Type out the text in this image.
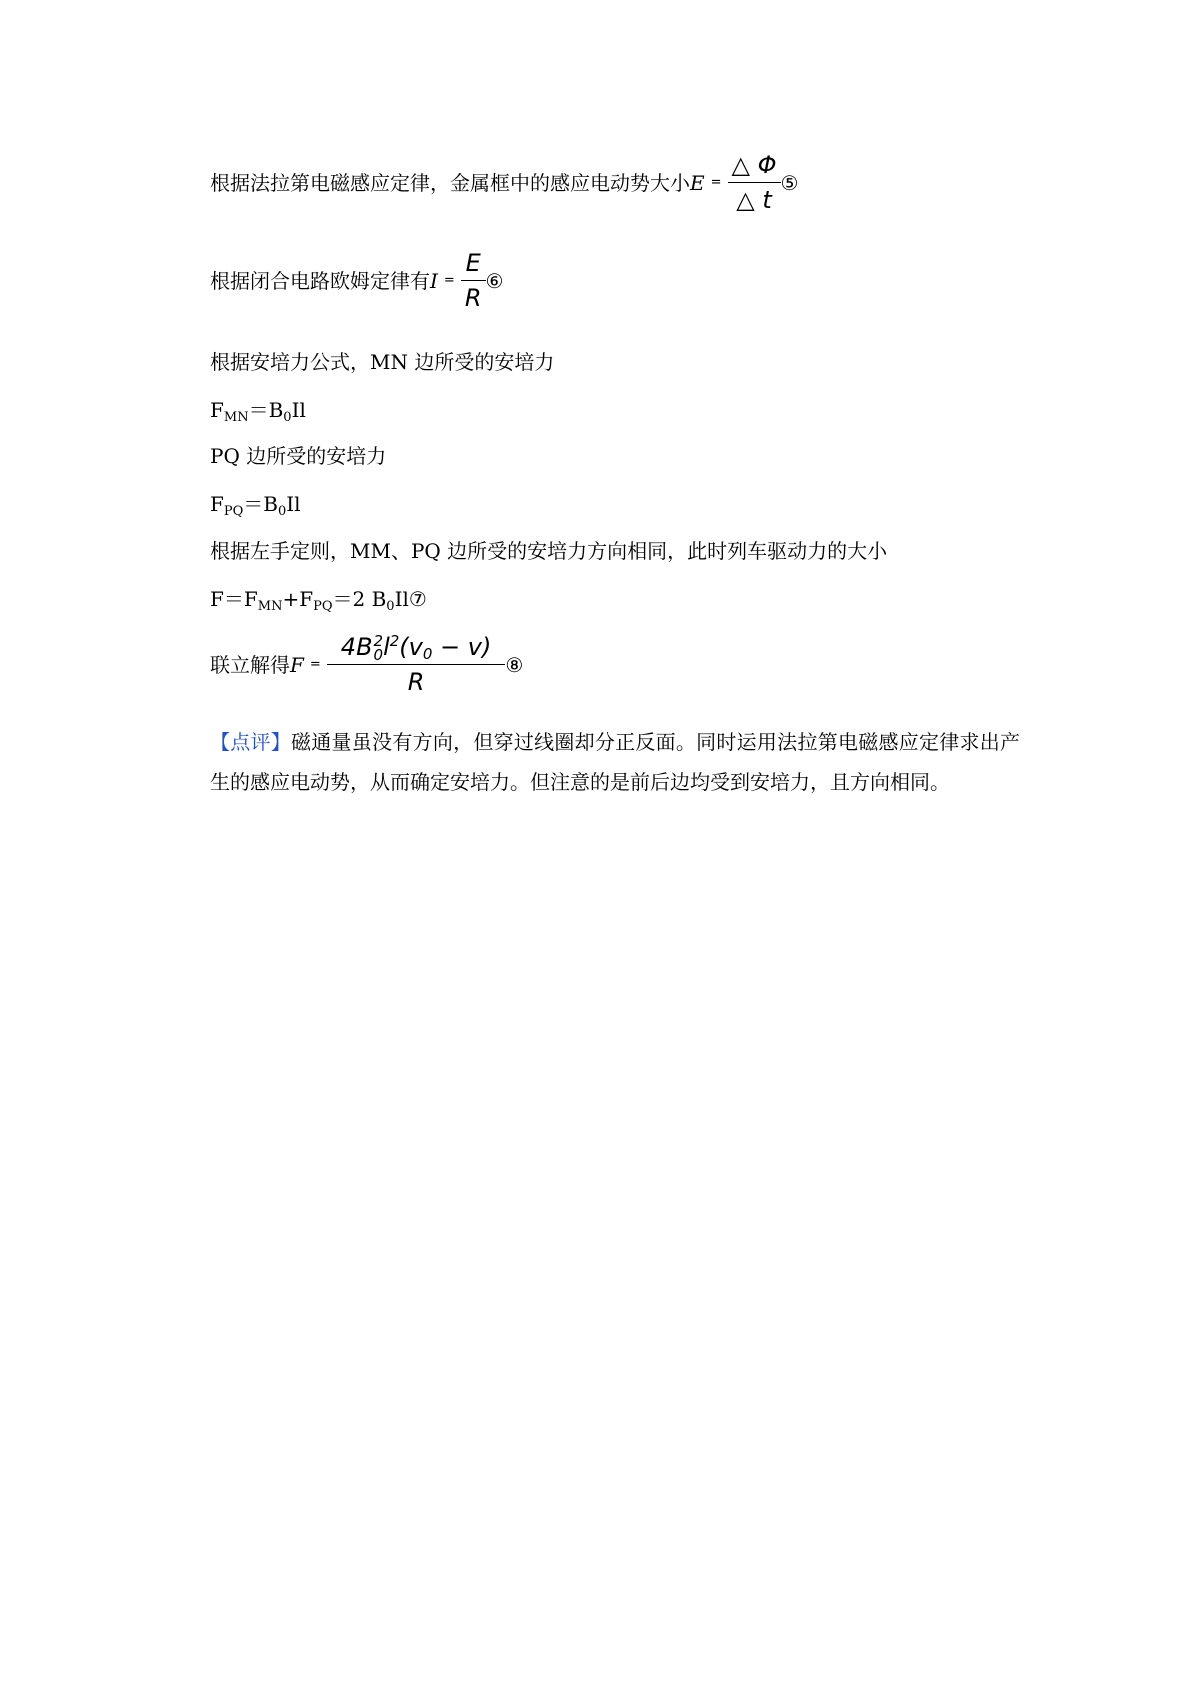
根据法拉第电磁感应定律，金属框中的感应电动势大小 $E = \frac{\triangle \Phi}{\triangle t}$ ⑤
根据闭合电路欧姆定律有 $I = \frac{E}{R}$ ⑥
根据安培力公式，MN 边所受的安培力
$F_{MN}=B_0Il$
PQ 边所受的安培力
$F_{PQ}=B_0Il$
根据左手定则，MM、PQ 边所受的安培力方向相同，此时列车驱动力的大小
$F=F_{MN}+F_{PQ}=2$ $B_0Il⑦$
联立解得 F = 4B 2
0 $l^2(v_0 - v)$
R ⑧
【点评】磁通量虽没有方向，但穿过线圈却分正反面。同时运用法拉第电磁感应定律求出产生的感应电动势，从而确定安培力。但注意的是前后边均受到安培力，且方向相同。
